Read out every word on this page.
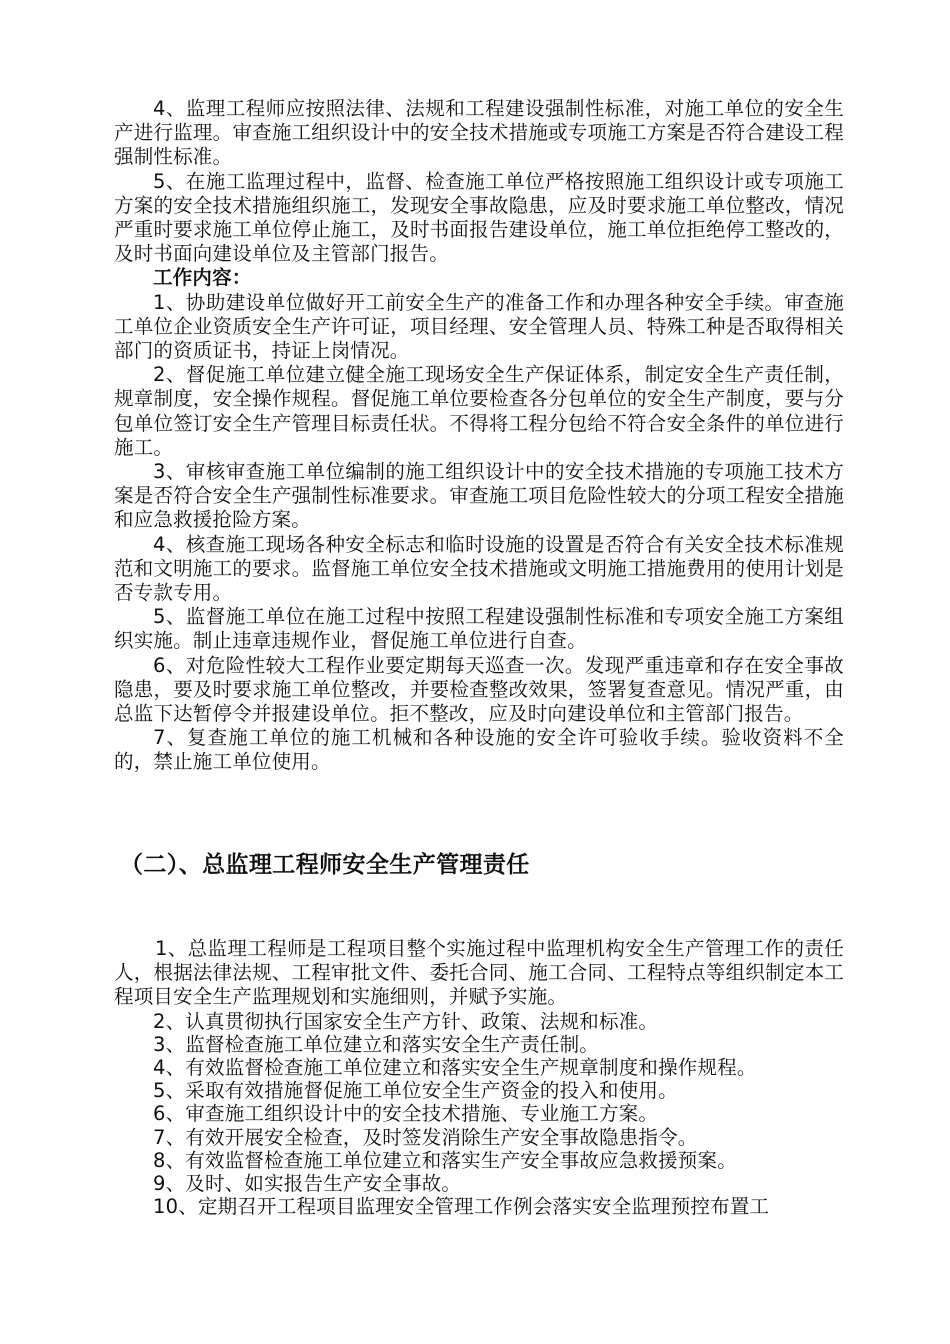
4、监理工程师应按照法律、法规和工程建设强制性标准，对施工单位的安全生产进行监理。审查施工组织设计中的安全技术措施或专项施工方案是否符合建设工程强制性标准。

5、在施工监理过程中，监督、检查施工单位严格按照施工组织设计或专项施工方案的安全技术措施组织施工，发现安全事故隐患，应及时要求施工单位整改，情况严重时要求施工单位停止施工，及时书面报告建设单位，施工单位拒绝停工整改的，及时书面向建设单位及主管部门报告。

工作内容：

1、协助建设单位做好开工前安全生产的准备工作和办理各种安全手续。审查施工单位企业资质安全生产许可证，项目经理、安全管理人员、特殊工种是否取得相关部门的资质证书，持证上岗情况。

2、督促施工单位建立健全施工现场安全生产保证体系，制定安全生产责任制，规章制度，安全操作规程。督促施工单位要检查各分包单位的安全生产制度，要与分包单位签订安全生产管理目标责任状。不得将工程分包给不符合安全条件的单位进行施工。

3、审核审查施工单位编制的施工组织设计中的安全技术措施的专项施工技术方案是否符合安全生产强制性标准要求。审查施工项目危险性较大的分项工程安全措施和应急救援抢险方案。

4、核查施工现场各种安全标志和临时设施的设置是否符合有关安全技术标准规范和文明施工的要求。监督施工单位安全技术措施或文明施工措施费用的使用计划是否专款专用。

5、监督施工单位在施工过程中按照工程建设强制性标准和专项安全施工方案组织实施。制止违章违规作业，督促施工单位进行自查。

6、对危险性较大工程作业要定期每天巡查一次。发现严重违章和存在安全事故隐患，要及时要求施工单位整改，并要检查整改效果，签署复查意见。情况严重，由总监下达暂停令并报建设单位。拒不整改，应及时向建设单位和主管部门报告。

7、复查施工单位的施工机械和各种设施的安全许可验收手续。验收资料不全的，禁止施工单位使用。

（二）、总监理工程师安全生产管理责任

1、总监理工程师是工程项目整个实施过程中监理机构安全生产管理工作的责任人，根据法律法规、工程审批文件、委托合同、施工合同、工程特点等组织制定本工程项目安全生产监理规划和实施细则，并赋予实施。

2、认真贯彻执行国家安全生产方针、政策、法规和标准。

3、监督检查施工单位建立和落实安全生产责任制。

4、有效监督检查施工单位建立和落实安全生产规章制度和操作规程。

5、采取有效措施督促施工单位安全生产资金的投入和使用。

6、审查施工组织设计中的安全技术措施、专业施工方案。

7、有效开展安全检查，及时签发消除生产安全事故隐患指令。

8、有效监督检查施工单位建立和落实生产安全事故应急救援预案。

9、及时、如实报告生产安全事故。

10、定期召开工程项目监理安全管理工作例会落实安全监理预控布置工
